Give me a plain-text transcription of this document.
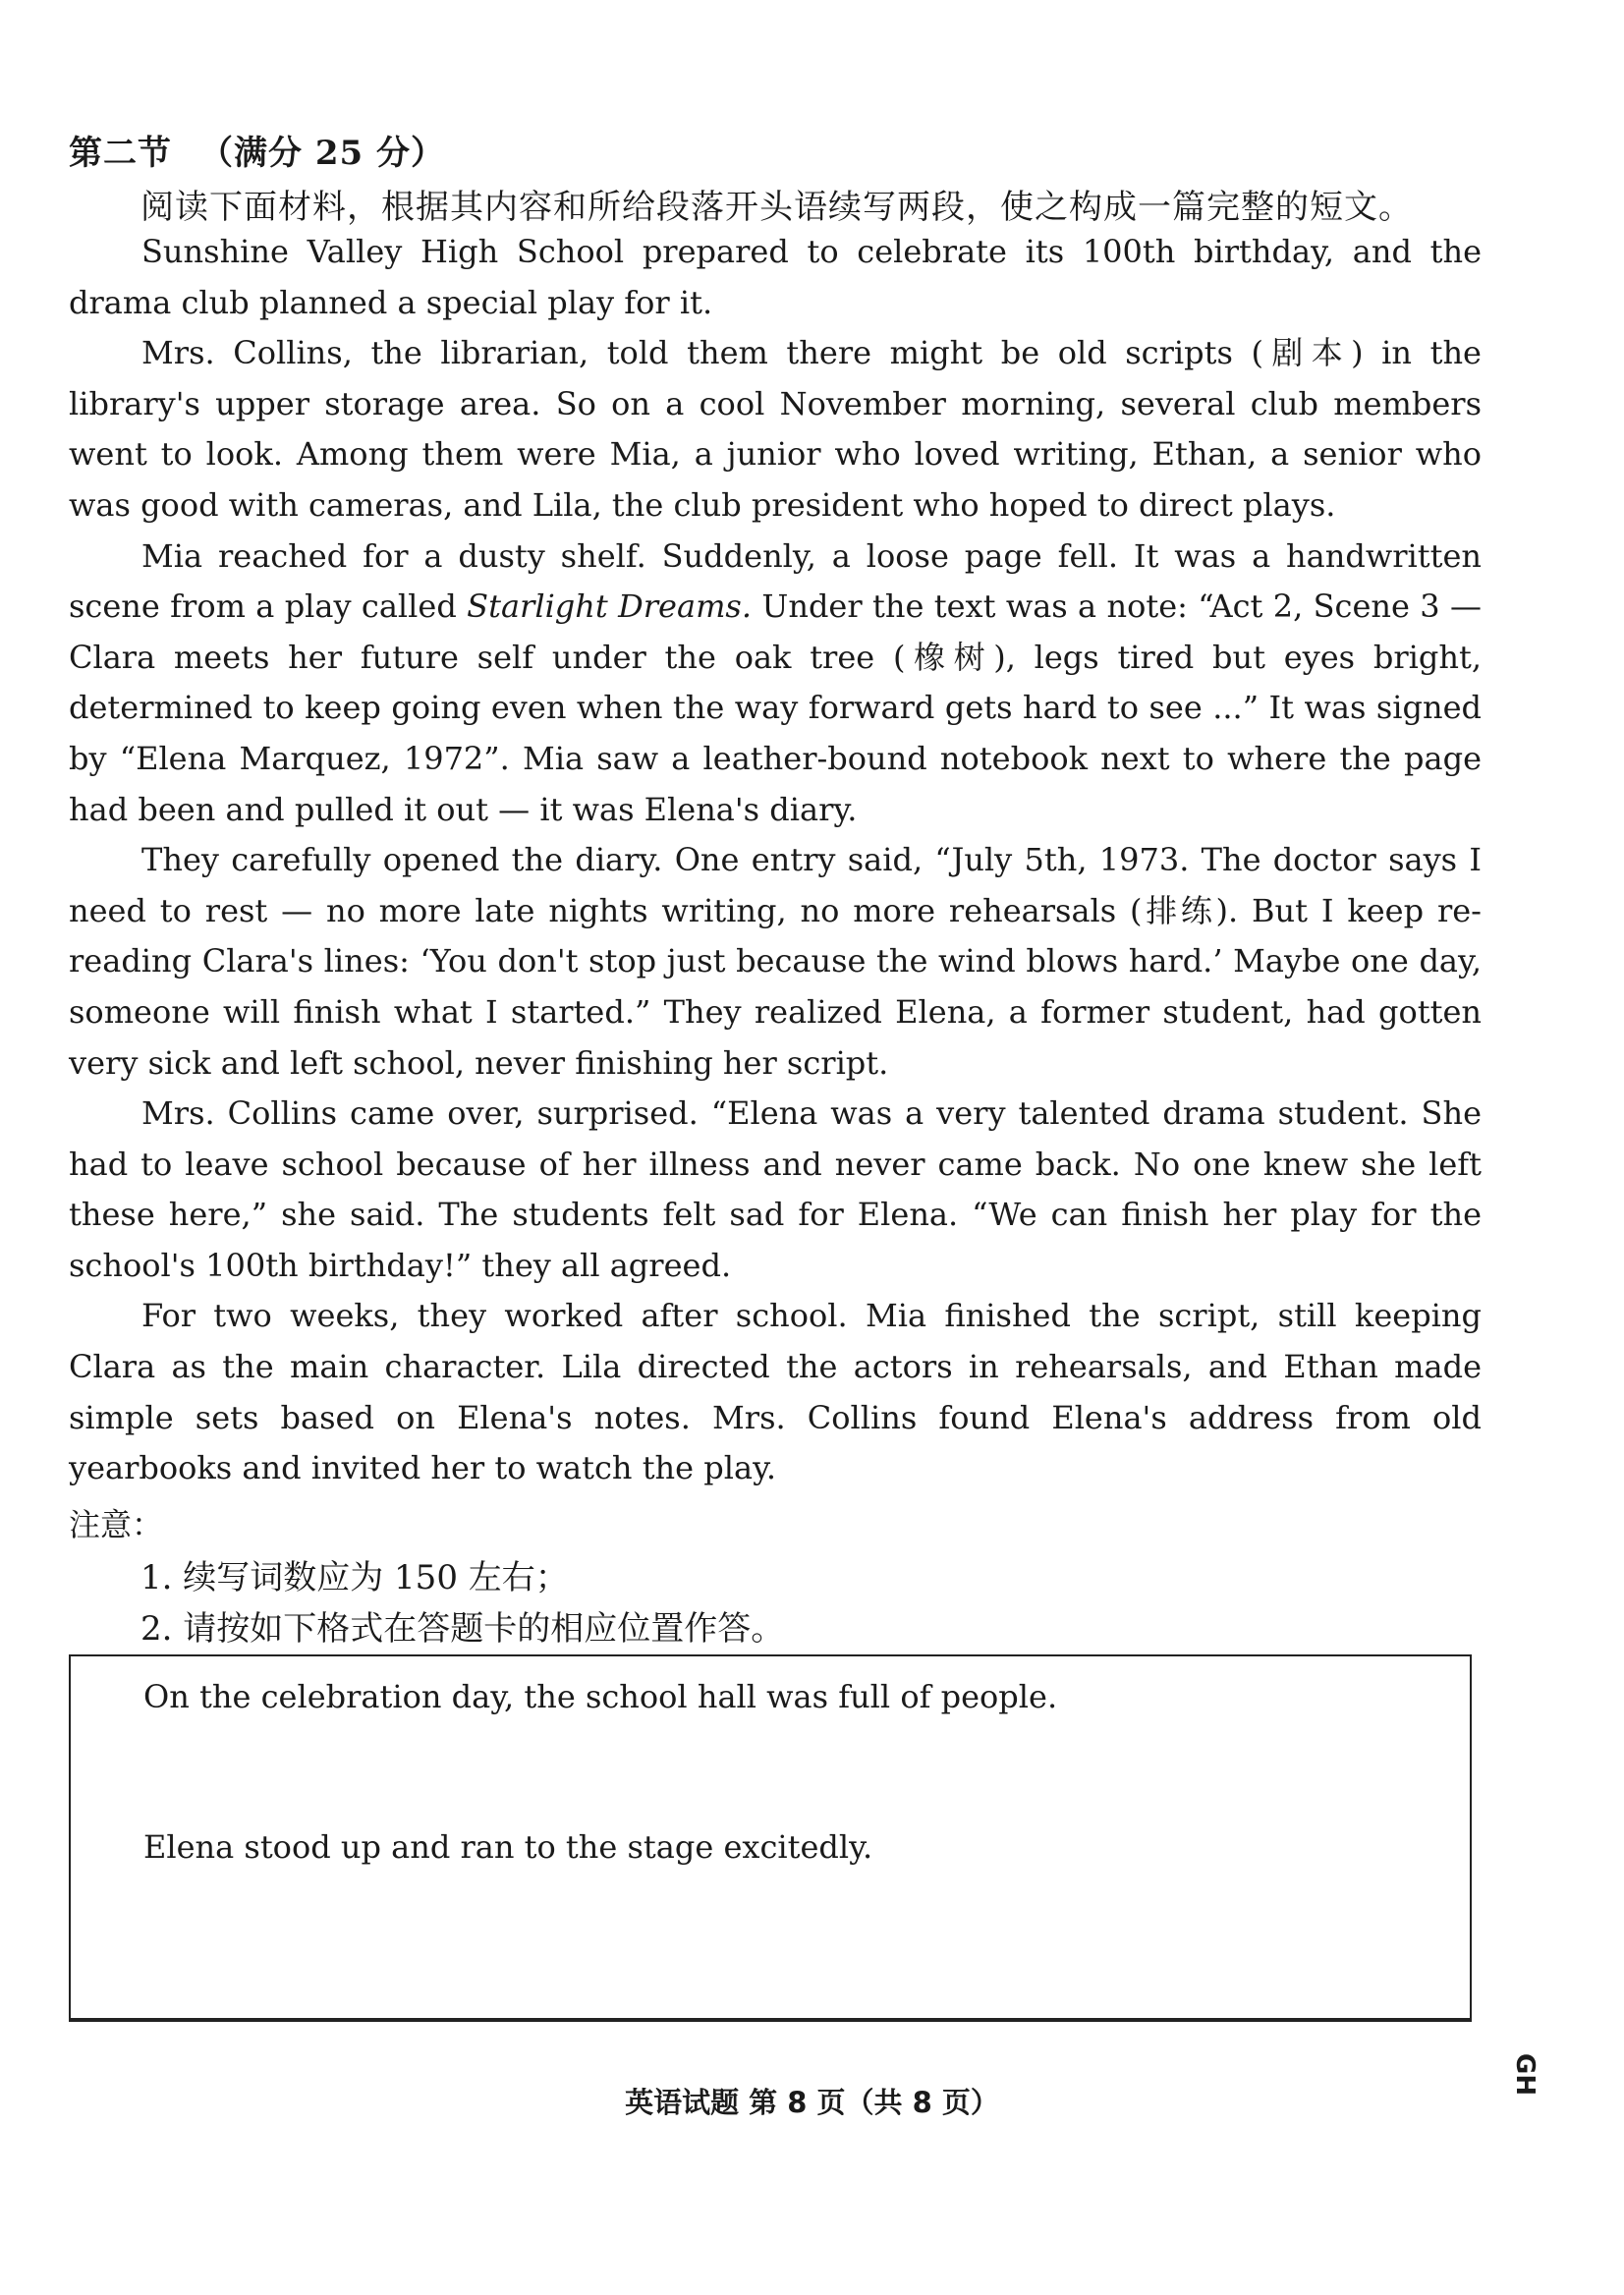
第二节 （满分 25 分）
阅读下面材料，根据其内容和所给段落开头语续写两段，使之构成一篇完整的短文。

Sunshine Valley High School prepared to celebrate its 100th birthday, and the drama club planned a special play for it.

Mrs. Collins, the librarian, told them there might be old scripts (剧本) in the library's upper storage area. So on a cool November morning, several club members went to look. Among them were Mia, a junior who loved writing, Ethan, a senior who was good with cameras, and Lila, the club president who hoped to direct plays.

Mia reached for a dusty shelf. Suddenly, a loose page fell. It was a handwritten scene from a play called Starlight Dreams. Under the text was a note: “Act 2, Scene 3 — Clara meets her future self under the oak tree (橡树), legs tired but eyes bright, determined to keep going even when the way forward gets hard to see ...” It was signed by “Elena Marquez, 1972”. Mia saw a leather-bound notebook next to where the page had been and pulled it out — it was Elena's diary.

They carefully opened the diary. One entry said, “July 5th, 1973. The doctor says I need to rest — no more late nights writing, no more rehearsals (排练). But I keep re-reading Clara's lines: ‘You don't stop just because the wind blows hard.’ Maybe one day, someone will finish what I started.” They realized Elena, a former student, had gotten very sick and left school, never finishing her script.

Mrs. Collins came over, surprised. “Elena was a very talented drama student. She had to leave school because of her illness and never came back. No one knew she left these here,” she said. The students felt sad for Elena. “We can finish her play for the school's 100th birthday!” they all agreed.

For two weeks, they worked after school. Mia finished the script, still keeping Clara as the main character. Lila directed the actors in rehearsals, and Ethan made simple sets based on Elena's notes. Mrs. Collins found Elena's address from old yearbooks and invited her to watch the play.

注意：
1. 续写词数应为 150 左右；
2. 请按如下格式在答题卡的相应位置作答。
On the celebration day, the school hall was full of people.
Elena stood up and ran to the stage excitedly.
英语试题 第 8 页（共 8 页）
GH
